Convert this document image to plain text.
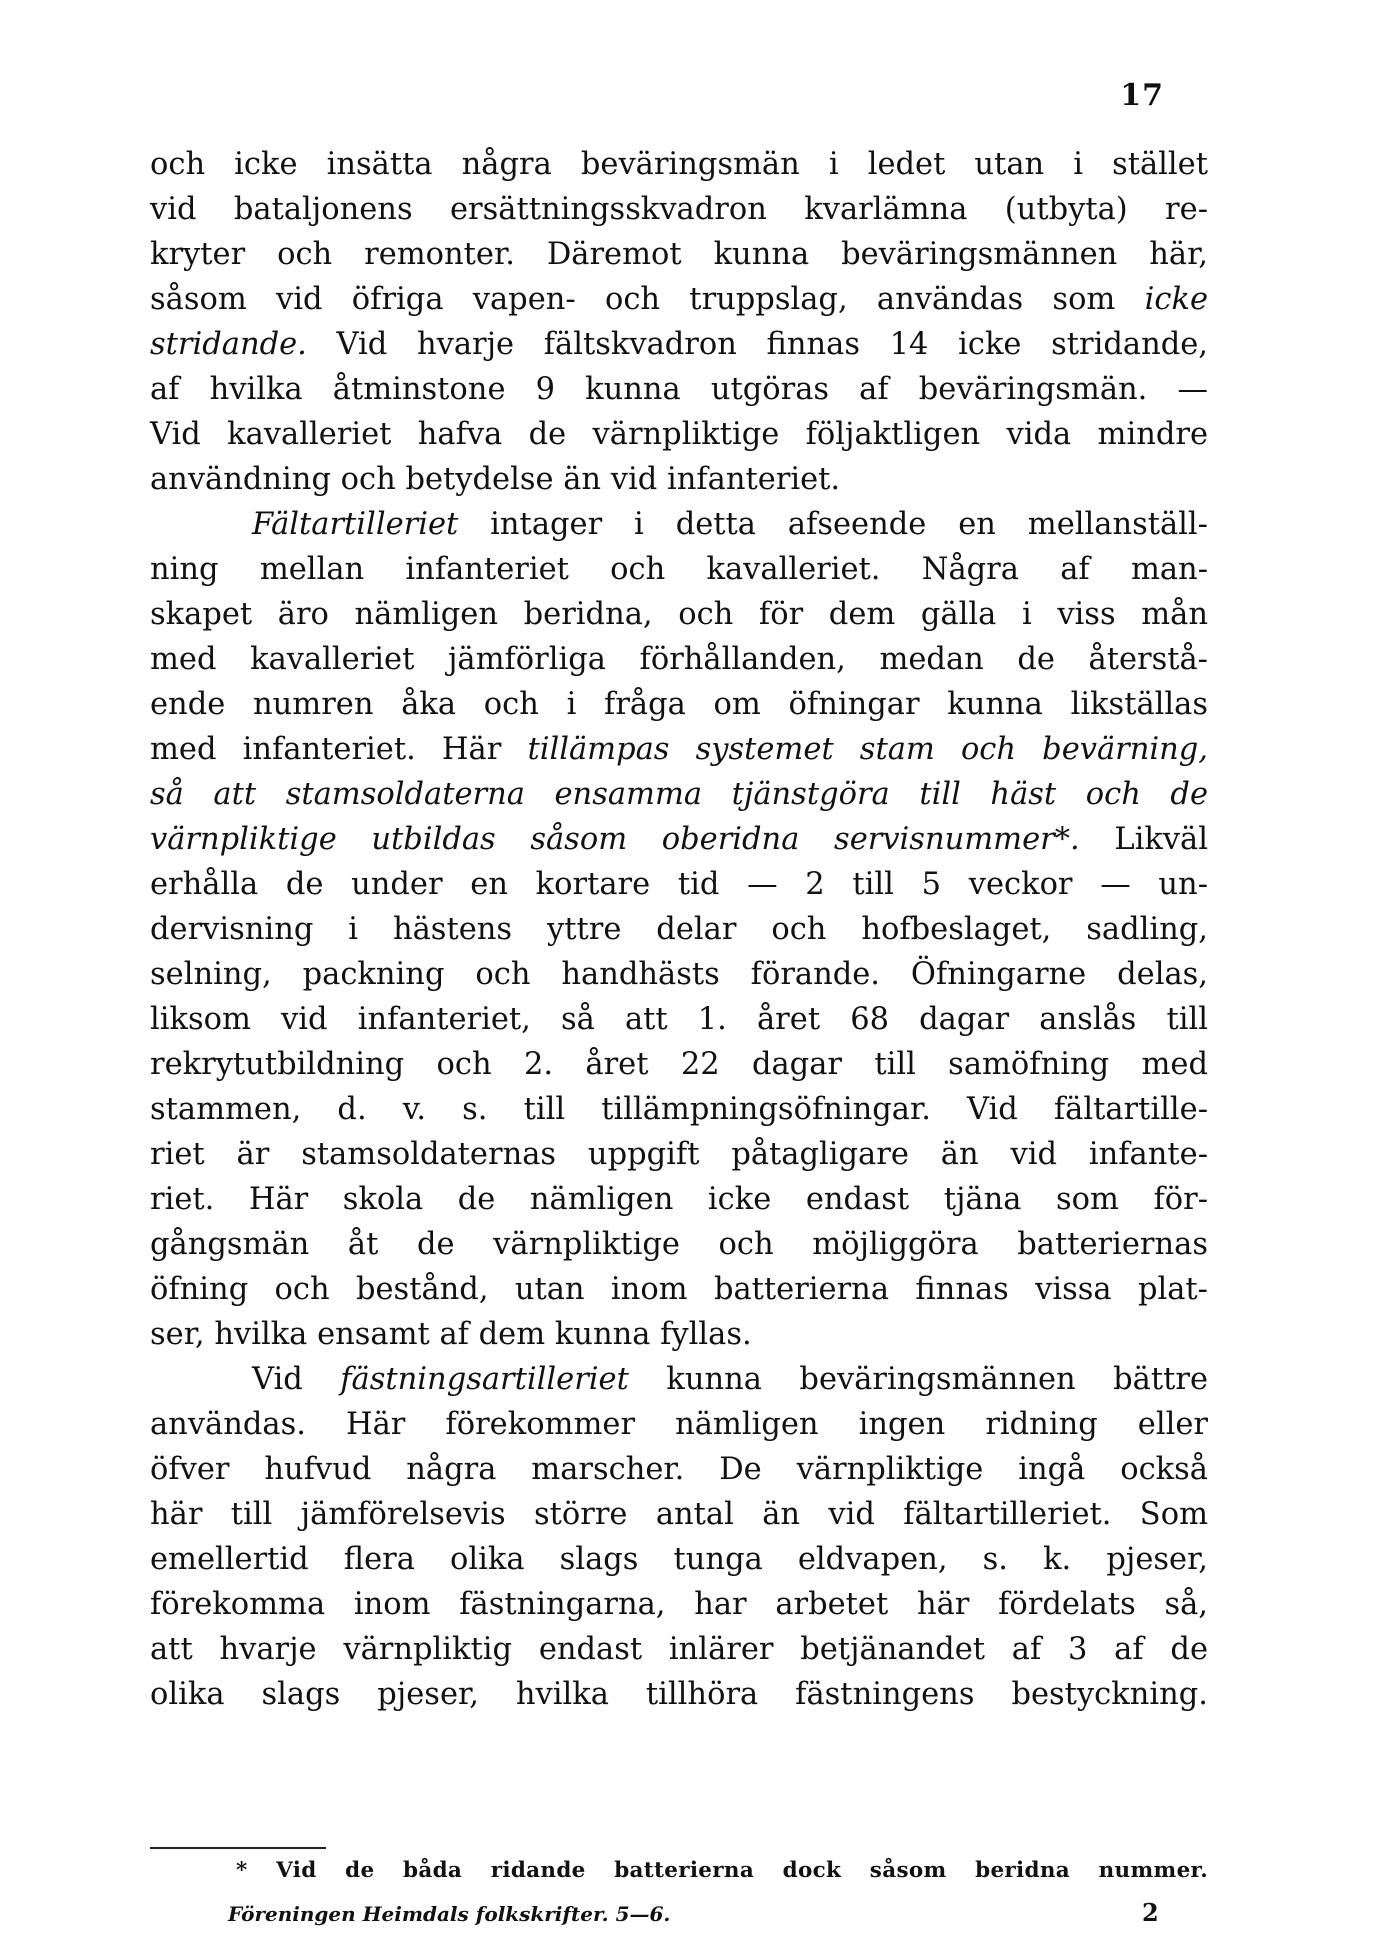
17
och icke insätta några beväringsmän i ledet utan i stället
vid bataljonens ersättningsskvadron kvarlämna (utbyta) re-
kryter och remonter. Däremot kunna beväringsmännen här,
såsom vid öfriga vapen- och truppslag, användas som icke
stridande. Vid hvarje fältskvadron finnas 14 icke stridande,
af hvilka åtminstone 9 kunna utgöras af beväringsmän. —
Vid kavalleriet hafva de värnpliktige följaktligen vida mindre
användning och betydelse än vid infanteriet.
Fältartilleriet intager i detta afseende en mellanställ-
ning mellan infanteriet och kavalleriet. Några af man-
skapet äro nämligen beridna, och för dem gälla i viss mån
med kavalleriet jämförliga förhållanden, medan de återstå-
ende numren åka och i fråga om öfningar kunna likställas
med infanteriet. Här tillämpas systemet stam och bevärning,
så att stamsoldaterna ensamma tjänstgöra till häst och de
värnpliktige utbildas såsom oberidna servisnummer*. Likväl
erhålla de under en kortare tid — 2 till 5 veckor — un-
dervisning i hästens yttre delar och hofbeslaget, sadling,
selning, packning och handhästs förande. Öfningarne delas,
liksom vid infanteriet, så att 1. året 68 dagar anslås till
rekrytutbildning och 2. året 22 dagar till samöfning med
stammen, d. v. s. till tillämpningsöfningar. Vid fältartille-
riet är stamsoldaternas uppgift påtagligare än vid infante-
riet. Här skola de nämligen icke endast tjäna som för-
gångsmän åt de värnpliktige och möjliggöra batteriernas
öfning och bestånd, utan inom batterierna finnas vissa plat-
ser, hvilka ensamt af dem kunna fyllas.
Vid fästningsartilleriet kunna beväringsmännen bättre
användas. Här förekommer nämligen ingen ridning eller
öfver hufvud några marscher. De värnpliktige ingå också
här till jämförelsevis större antal än vid fältartilleriet. Som
emellertid flera olika slags tunga eldvapen, s. k. pjeser,
förekomma inom fästningarna, har arbetet här fördelats så,
att hvarje värnpliktig endast inlärer betjänandet af 3 af de
olika slags pjeser, hvilka tillhöra fästningens bestyckning.
* Vid de båda ridande batterierna dock såsom beridna nummer.
Föreningen Heimdals folkskrifter. 5—6.	2
